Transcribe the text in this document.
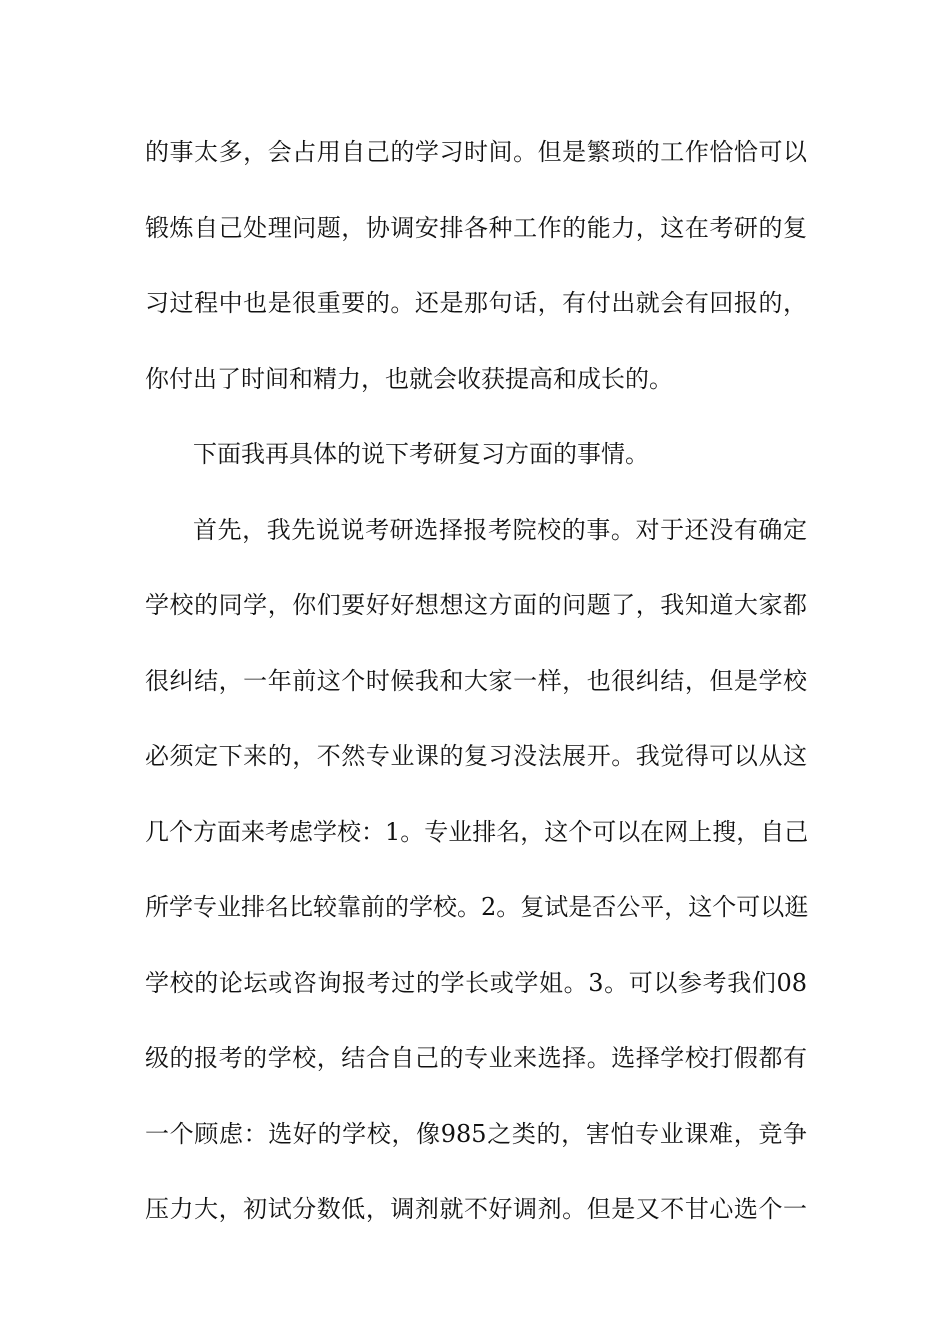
的事太多，会占用自己的学习时间。但是繁琐的工作恰恰可以
锻炼自己处理问题，协调安排各种工作的能力，这在考研的复
习过程中也是很重要的。还是那句话，有付出就会有回报的，
你付出了时间和精力，也就会收获提高和成长的。
下面我再具体的说下考研复习方面的事情。
首先，我先说说考研选择报考院校的事。对于还没有确定
学校的同学，你们要好好想想这方面的问题了，我知道大家都
很纠结，一年前这个时候我和大家一样，也很纠结，但是学校
必须定下来的，不然专业课的复习没法展开。我觉得可以从这
几个方面来考虑学校：1。专业排名，这个可以在网上搜，自己
所学专业排名比较靠前的学校。2。复试是否公平，这个可以逛
学校的论坛或咨询报考过的学长或学姐。3。可以参考我们08
级的报考的学校，结合自己的专业来选择。选择学校打假都有
一个顾虑：选好的学校，像985之类的，害怕专业课难，竞争
压力大，初试分数低，调剂就不好调剂。但是又不甘心选个一
